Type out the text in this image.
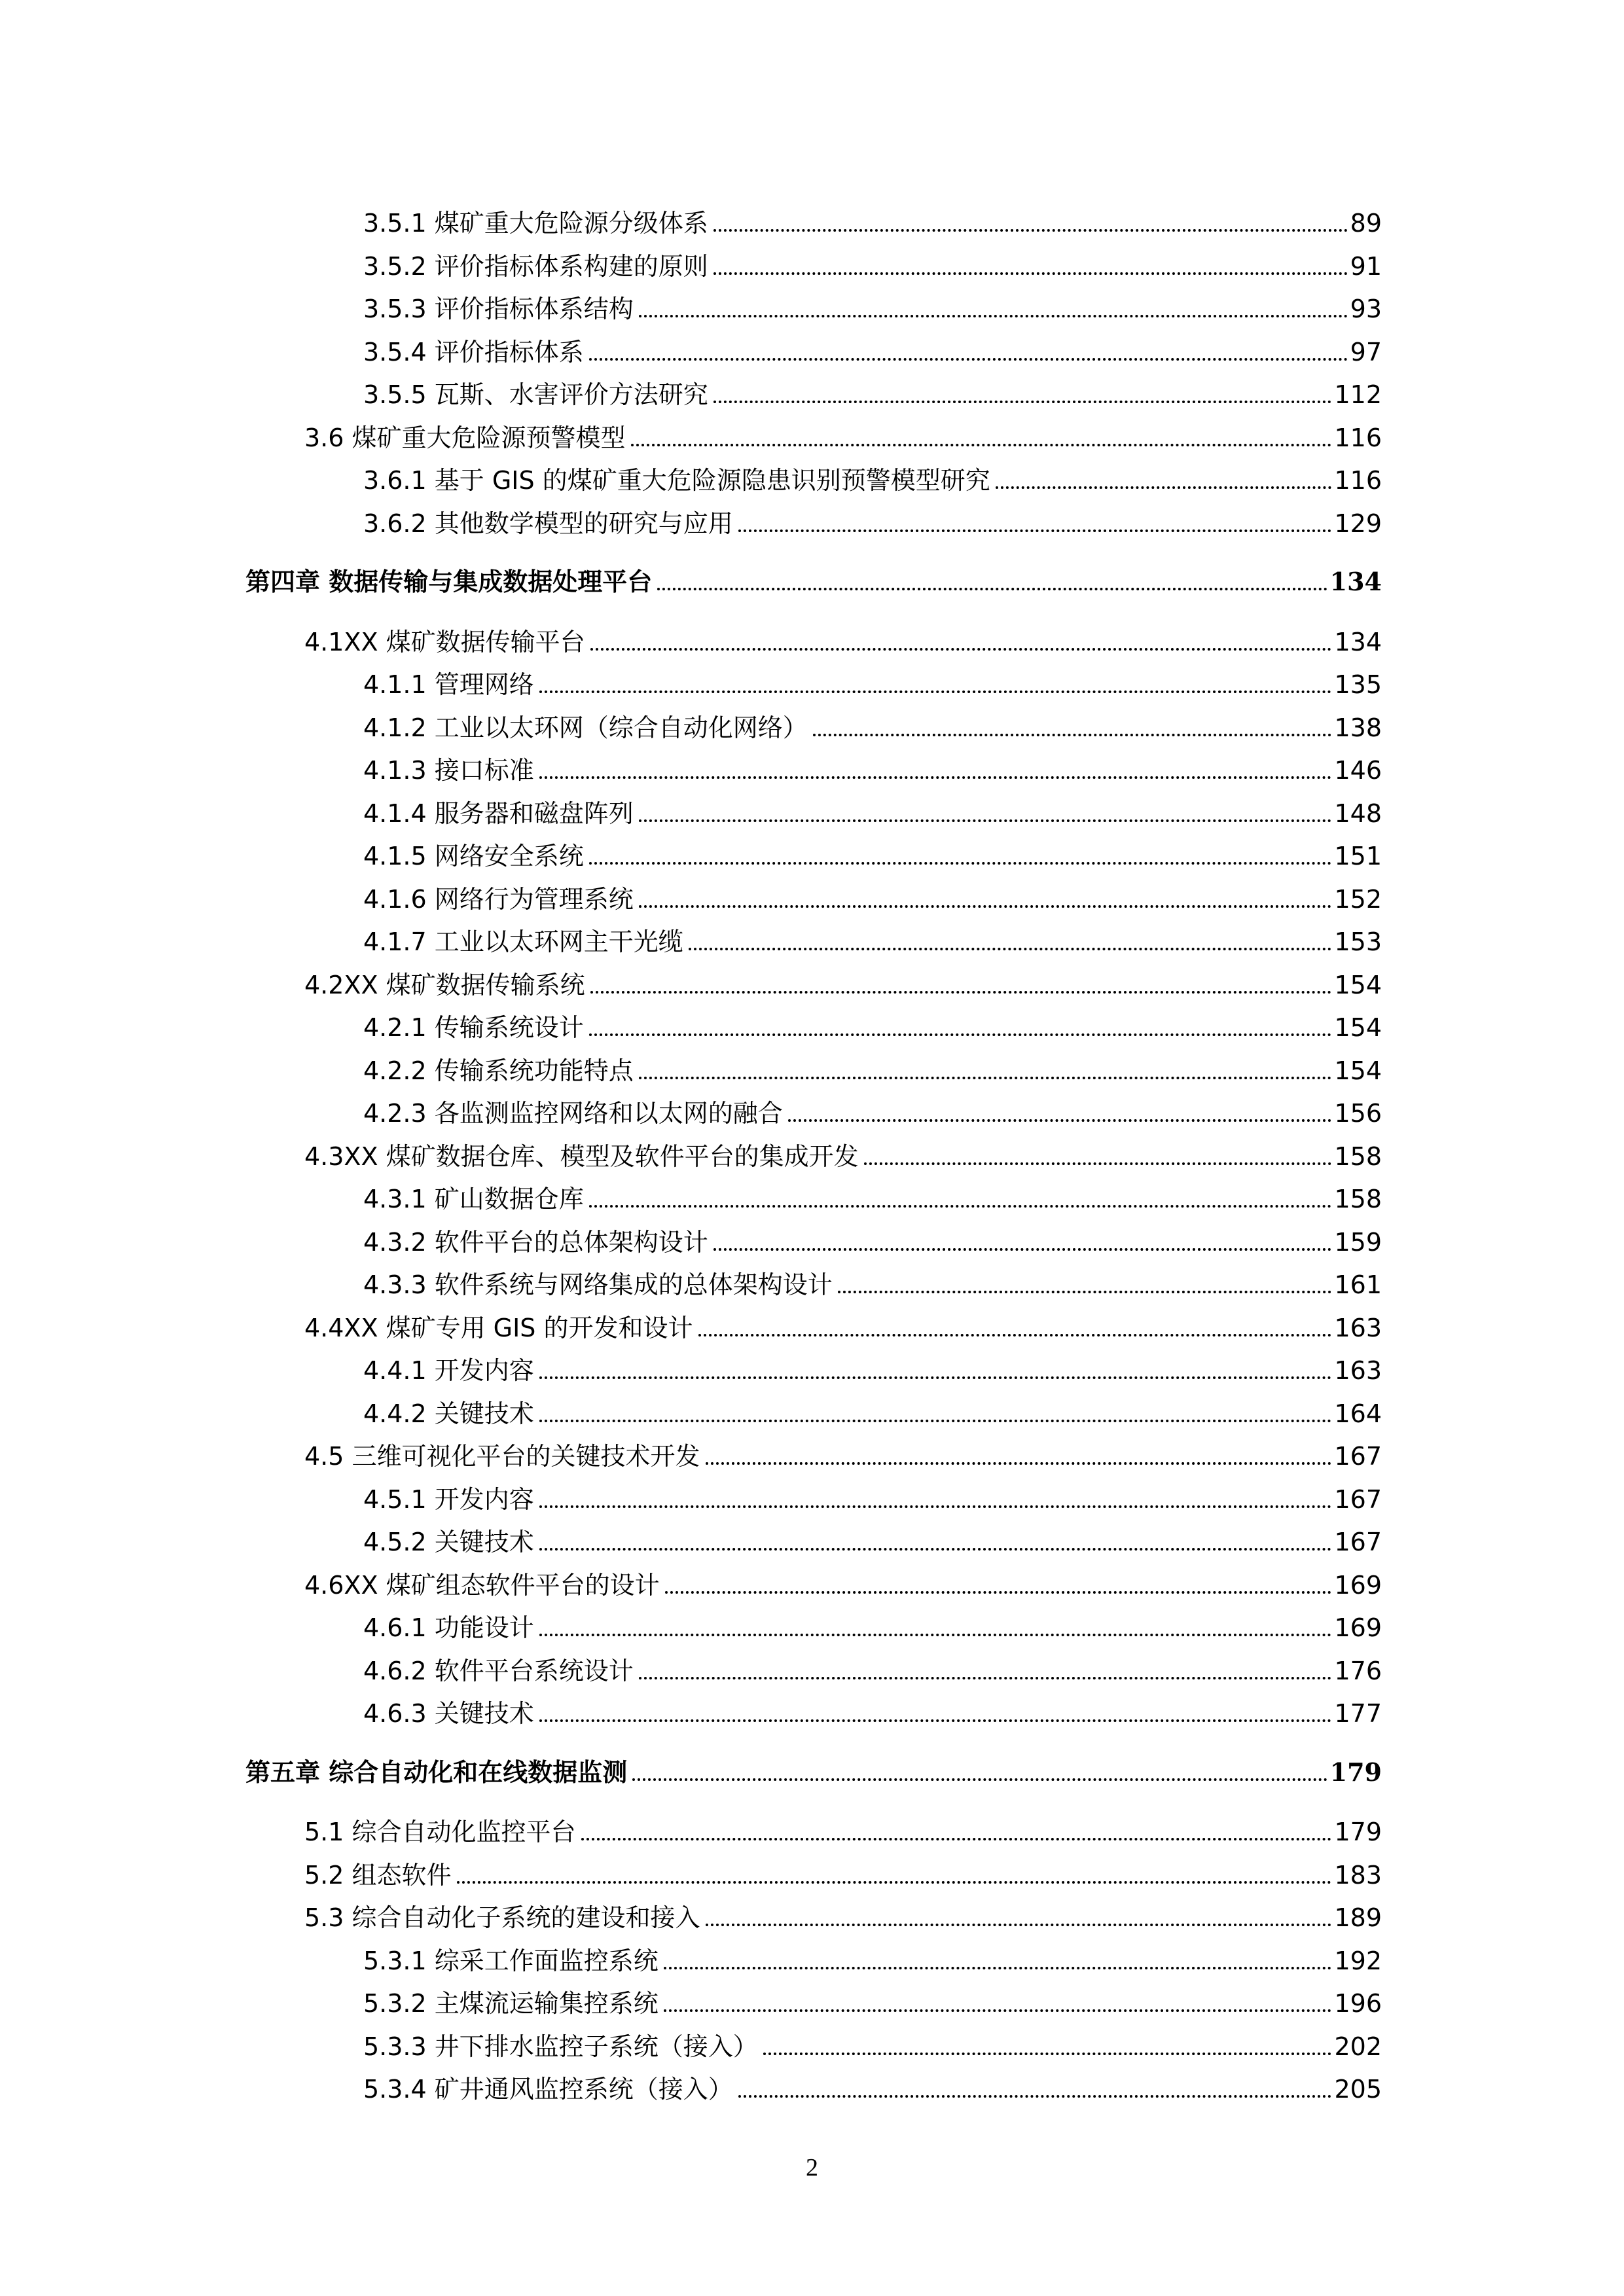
3.5.1 煤矿重大危险源分级体系	89
3.5.2 评价指标体系构建的原则	91
3.5.3 评价指标体系结构	93
3.5.4 评价指标体系	97
3.5.5 瓦斯、水害评价方法研究	112
3.6 煤矿重大危险源预警模型	116
3.6.1 基于 GIS 的煤矿重大危险源隐患识别预警模型研究	116
3.6.2 其他数学模型的研究与应用	129
第四章 数据传输与集成数据处理平台	134
4.1XX 煤矿数据传输平台	134
4.1.1 管理网络	135
4.1.2 工业以太环网（综合自动化网络）	138
4.1.3 接口标准	146
4.1.4 服务器和磁盘阵列	148
4.1.5 网络安全系统	151
4.1.6 网络行为管理系统	152
4.1.7 工业以太环网主干光缆	153
4.2XX 煤矿数据传输系统	154
4.2.1 传输系统设计	154
4.2.2 传输系统功能特点	154
4.2.3 各监测监控网络和以太网的融合	156
4.3XX 煤矿数据仓库、模型及软件平台的集成开发	158
4.3.1 矿山数据仓库	158
4.3.2 软件平台的总体架构设计	159
4.3.3 软件系统与网络集成的总体架构设计	161
4.4XX 煤矿专用 GIS 的开发和设计	163
4.4.1 开发内容	163
4.4.2 关键技术	164
4.5 三维可视化平台的关键技术开发	167
4.5.1 开发内容	167
4.5.2 关键技术	167
4.6XX 煤矿组态软件平台的设计	169
4.6.1 功能设计	169
4.6.2 软件平台系统设计	176
4.6.3 关键技术	177
第五章 综合自动化和在线数据监测	179
5.1 综合自动化监控平台	179
5.2 组态软件	183
5.3 综合自动化子系统的建设和接入	189
5.3.1 综采工作面监控系统	192
5.3.2 主煤流运输集控系统	196
5.3.3 井下排水监控子系统（接入）	202
5.3.4 矿井通风监控系统（接入）	205
2
